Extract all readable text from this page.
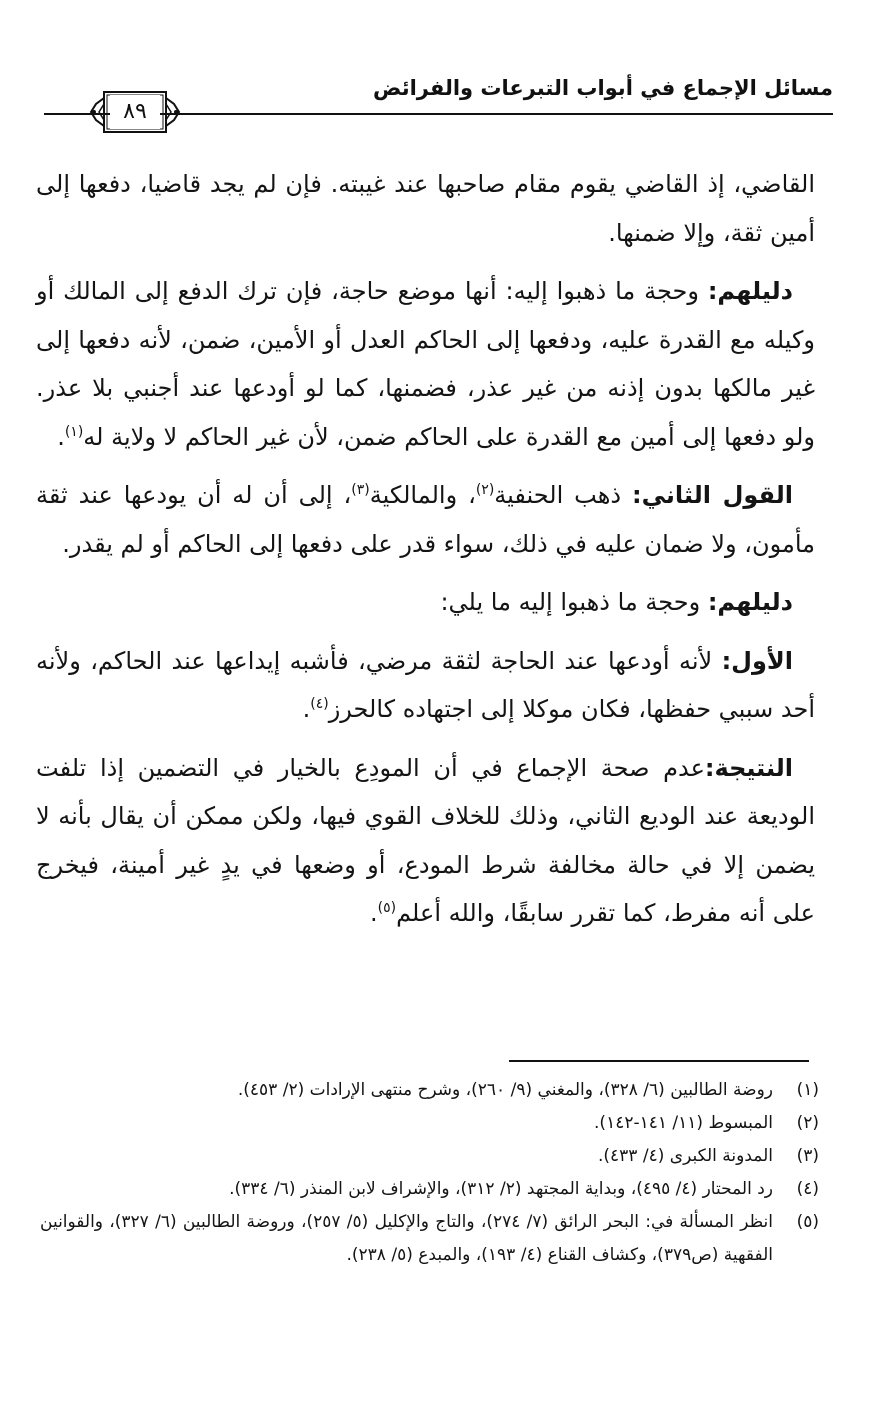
مسائل الإجماع في أبواب التبرعات والفرائض
٨٩

القاضي، إذ القاضي يقوم مقام صاحبها عند غيبته. فإن لم يجد قاضيا، دفعها إلى أمين ثقة، وإلا ضمنها.

دليلهم: وحجة ما ذهبوا إليه: أنها موضع حاجة، فإن ترك الدفع إلى المالك أو وكيله مع القدرة عليه، ودفعها إلى الحاكم العدل أو الأمين، ضمن، لأنه دفعها إلى غير مالكها بدون إذنه من غير عذر، فضمنها، كما لو أودعها عند أجنبي بلا عذر. ولو دفعها إلى أمين مع القدرة على الحاكم ضمن، لأن غير الحاكم لا ولاية له$^{(١)}$.

القول الثاني: ذهب الحنفية$^{(٢)}$، والمالكية$^{(٣)}$، إلى أن له أن يودعها عند ثقة مأمون، ولا ضمان عليه في ذلك، سواء قدر على دفعها إلى الحاكم أو لم يقدر.

دليلهم: وحجة ما ذهبوا إليه ما يلي:

الأول: لأنه أودعها عند الحاجة لثقة مرضي، فأشبه إيداعها عند الحاكم، ولأنه أحد سببي حفظها، فكان موكلا إلى اجتهاده كالحرز$^{(٤)}$.

النتيجة:عدم صحة الإجماع في أن المودِع بالخيار في التضمين إذا تلفت الوديعة عند الوديع الثاني، وذلك للخلاف القوي فيها، ولكن ممكن أن يقال بأنه لا يضمن إلا في حالة مخالفة شرط المودع، أو وضعها في يدٍ غير أمينة، فيخرج على أنه مفرط، كما تقرر سابقًا، والله أعلم$^{(٥)}$.

(١)
روضة الطالبين (٦/ ٣٢٨)، والمغني (٩/ ٢٦٠)، وشرح منتهى الإرادات (٢/ ٤٥٣).
(٢)
المبسوط (١١/ ١٤١-١٤٢).
(٣)
المدونة الكبرى (٤/ ٤٣٣).
(٤)
رد المحتار (٤/ ٤٩٥)، وبداية المجتهد (٢/ ٣١٢)، والإشراف لابن المنذر (٦/ ٣٣٤).
(٥)
انظر المسألة في: البحر الرائق (٧/ ٢٧٤)، والتاج والإكليل (٥/ ٢٥٧)، وروضة الطالبين (٦/ ٣٢٧)، والقوانين الفقهية (ص٣٧٩)، وكشاف القناع (٤/ ١٩٣)، والمبدع (٥/ ٢٣٨).
